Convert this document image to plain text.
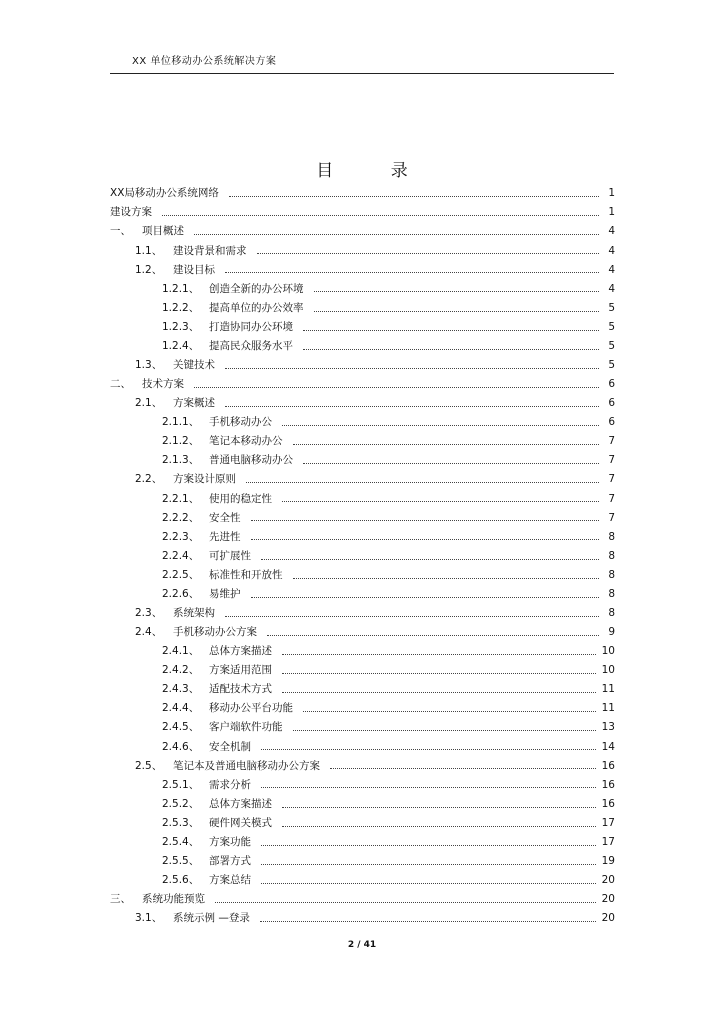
XX 单位移动办公系统解决方案
目 录
XX局移动办公系统网络	1
建设方案	1
一、	项目概述	4
1.1、	建设背景和需求	4
1.2、	建设目标	4
1.2.1、 创造全新的办公环境	4
1.2.2、 提高单位的办公效率	5
1.2.3、 打造协同办公环境	5
1.2.4、 提高民众服务水平	5
1.3、	关键技术	5
二、	技术方案	6
2.1、	方案概述	6
2.1.1、 手机移动办公	6
2.1.2、 笔记本移动办公	7
2.1.3、 普通电脑移动办公	7
2.2、	方案设计原则	7
2.2.1、 使用的稳定性	7
2.2.2、 安全性	7
2.2.3、 先进性	8
2.2.4、 可扩展性	8
2.2.5、 标准性和开放性	8
2.2.6、 易维护	8
2.3、	系统架构	8
2.4、	手机移动办公方案	9
2.4.1、 总体方案描述	10
2.4.2、 方案适用范围	10
2.4.3、 适配技术方式	11
2.4.4、 移动办公平台功能	11
2.4.5、 客户端软件功能	13
2.4.6、 安全机制	14
2.5、	笔记本及普通电脑移动办公方案	16
2.5.1、 需求分析	16
2.5.2、 总体方案描述	16
2.5.3、 硬件网关模式	17
2.5.4、 方案功能	17
2.5.5、 部署方式	19
2.5.6、 方案总结	20
三、	系统功能预览	20
3.1、	系统示例 —登录	20
2 / 41
